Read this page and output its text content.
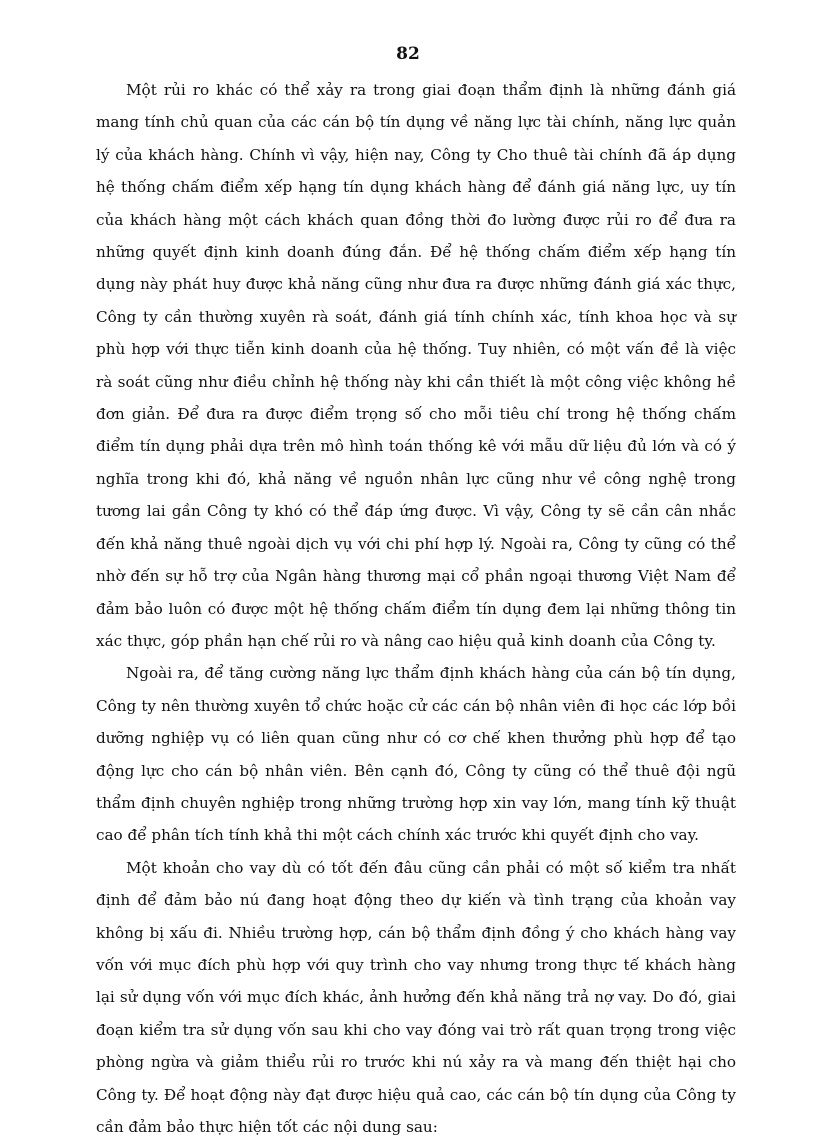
82

Một rủi ro khác có thể xảy ra trong giai đoạn thẩm định là những đánh giá mang tính chủ quan của các cán bộ tín dụng về năng lực tài chính, năng lực quản lý của khách hàng. Chính vì vậy, hiện nay, Công ty Cho thuê tài chính đã áp dụng hệ thống chấm điểm xếp hạng tín dụng khách hàng để đánh giá năng lực, uy tín của khách hàng một cách khách quan đồng thời đo lường được rủi ro để đưa ra những quyết định kinh doanh đúng đắn. Để hệ thống chấm điểm xếp hạng tín dụng này phát huy được khả năng cũng như đưa ra được những đánh giá xác thực, Công ty cần thường xuyên rà soát, đánh giá tính chính xác, tính khoa học và sự phù hợp với thực tiễn kinh doanh của hệ thống. Tuy nhiên, có một vấn đề là việc rà soát cũng như điều chỉnh hệ thống này khi cần thiết là một công việc không hề đơn giản. Để đưa ra được điểm trọng số cho mỗi tiêu chí trong hệ thống chấm điểm tín dụng phải dựa trên mô hình toán thống kê với mẫu dữ liệu đủ lớn và có ý nghĩa trong khi đó, khả năng về nguồn nhân lực cũng như về công nghệ trong tương lai gần Công ty khó có thể đáp ứng được. Vì vậy, Công ty sẽ cần cân nhắc đến khả năng thuê ngoài dịch vụ với chi phí hợp lý. Ngoài ra, Công ty cũng có thể nhờ đến sự hỗ trợ của Ngân hàng thương mại cổ phần ngoại thương Việt Nam để đảm bảo luôn có được một hệ thống chấm điểm tín dụng đem lại những thông tin xác thực, góp phần hạn chế rủi ro và nâng cao hiệu quả kinh doanh của Công ty.

Ngoài ra, để tăng cường năng lực thẩm định khách hàng của cán bộ tín dụng, Công ty nên thường xuyên tổ chức hoặc cử các cán bộ nhân viên đi học các lớp bồi dưỡng nghiệp vụ có liên quan cũng như có cơ chế khen thưởng phù hợp để tạo động lực cho cán bộ nhân viên. Bên cạnh đó, Công ty cũng có thể thuê đội ngũ thẩm định chuyên nghiệp trong những trường hợp xin vay lớn, mang tính kỹ thuật cao để phân tích tính khả thi một cách chính xác trước khi quyết định cho vay.

Một khoản cho vay dù có tốt đến đâu cũng cần phải có một số kiểm tra nhất định để đảm bảo nú đang hoạt động theo dự kiến và tình trạng của khoản vay không bị xấu đi. Nhiều trường hợp, cán bộ thẩm định đồng ý cho khách hàng vay vốn với mục đích phù hợp với quy trình cho vay nhưng trong thực tế khách hàng lại sử dụng vốn với mục đích khác, ảnh hưởng đến khả năng trả nợ vay. Do đó, giai đoạn kiểm tra sử dụng vốn sau khi cho vay đóng vai trò rất quan trọng trong việc phòng ngừa và giảm thiểu rủi ro trước khi nú xảy ra và mang đến thiệt hại cho Công ty. Để hoạt động này đạt được hiệu quả cao, các cán bộ tín dụng của Công ty cần đảm bảo thực hiện tốt các nội dung sau:
